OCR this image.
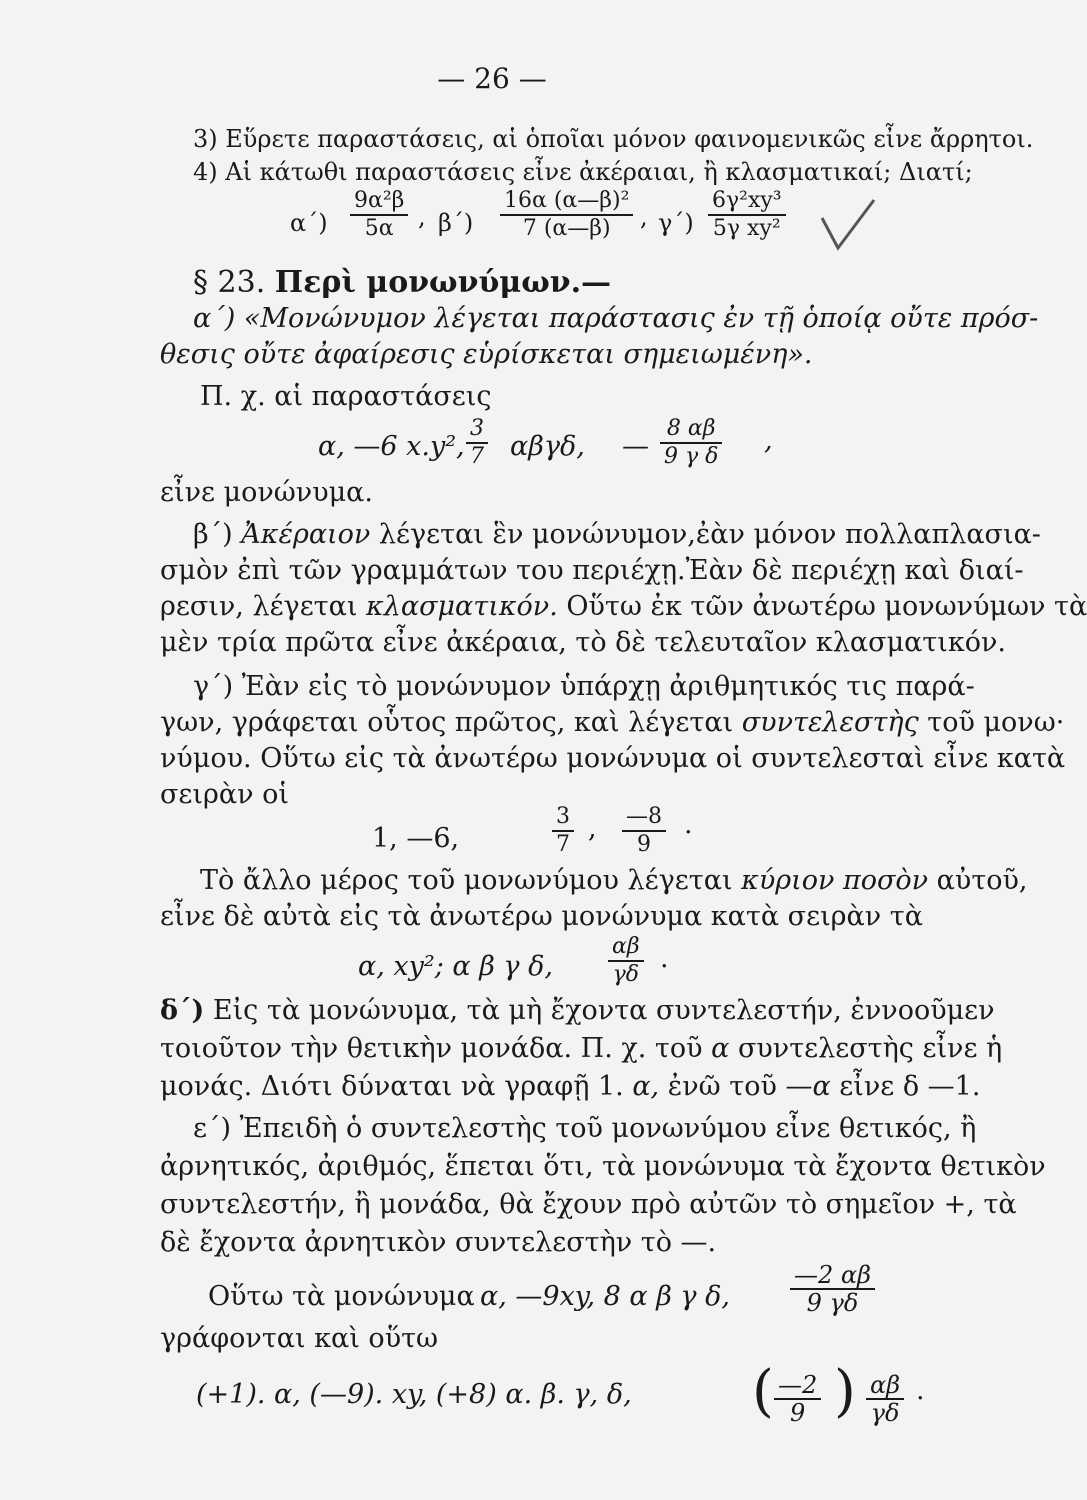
— 26 —
3) Εὕρετε παραστάσεις, αἱ ὁποῖαι μόνον φαινομενικῶς εἶνε ἄρρητοι.
4) Αἱ κάτωθι παραστάσεις εἶνε ἀκέραιαι, ἢ κλασματικαί; Διατί;
$\alpha΄) \frac{\text{9α²β}}{5\alpha}$ , $\beta΄) \frac{\text{16α (α—β)²}}{7 (\alpha—\beta)}$ , $\gamma΄) \frac{\text{6γ²xy³}}{\text{5γ xy²}}$
§ 23. Περὶ μονωνύμων.—
α΄) «Μονώνυμον λέγεται παράστασις ἐν τῇ ὁποίᾳ οὔτε πρόσ-
θεσις οὔτε ἀφαίρεσις εὑρίσκεται σημειωμένη».
Π. χ. αἱ παραστάσεις
α, —6 x.y², $\frac{3}{7} \alpha\beta\gamma\delta$, — $\frac{8 \alpha\beta}{\text{9 γ δ}}$ ,
εἶνε μονώνυμα.
β΄) Ἀκέραιον λέγεται ἓν μονώνυμον,ἐὰν μόνον πολλαπλασια-
σμὸν ἐπὶ τῶν γραμμάτων του περιέχῃ.Ἐὰν δὲ περιέχῃ καὶ διαί-
ρεσιν, λέγεται κλασματικόν. Οὕτω ἐκ τῶν ἀνωτέρω μονωνύμων τὰ
μὲν τρία πρῶτα εἶνε ἀκέραια, τὸ δὲ τελευταῖον κλασματικόν.
γ΄) Ἐὰν εἰς τὸ μονώνυμον ὑπάρχῃ ἀριθμητικός τις παρά-
γων, γράφεται οὗτος πρῶτος, καὶ λέγεται συντελεστὴς τοῦ μονω·
νύμου. Οὕτω εἰς τὰ ἀνωτέρω μονώνυμα οἱ συντελεσταὶ εἶνε κατὰ
σειρὰν οἱ
1, —6,	$\frac{3}{7}$ , $\frac{—8}{9}$ .
Τὸ ἄλλο μέρος τοῦ μονωνύμου λέγεται κύριον ποσὸν αὐτοῦ,
εἶνε δὲ αὐτὰ εἰς τὰ ἀνωτέρω μονώνυμα κατὰ σειρὰν τὰ
α, xy²; α β γ δ,	$\frac{\alpha\beta}{\gamma\delta}$ .
δ΄) Εἰς τὰ μονώνυμα, τὰ μὴ ἔχοντα συντελεστήν, ἐννοοῦμεν
τοιοῦτον τὴν θετικὴν μονάδα. Π. χ. τοῦ α συντελεστὴς εἶνε ἡ
μονάς. Διότι δύναται νὰ γραφῇ 1. α, ἐνῶ τοῦ —α εἶνε δ —1.
ε΄) Ἐπειδὴ ὁ συντελεστὴς τοῦ μονωνύμου εἶνε θετικός, ἢ
ἀρνητικός, ἀριθμός, ἕπεται ὅτι, τὰ μονώνυμα τὰ ἔχοντα θετικὸν
συντελεστήν, ἢ μονάδα, θὰ ἔχουν πρὸ αὐτῶν τὸ σημεῖον +, τὰ
δὲ ἔχοντα ἀρνητικὸν συντελεστὴν τὸ —.
Οὕτω τὰ μονώνυμα α, —9xy, 8 α β γ δ,	$\frac{—2 \alpha\beta}{9 \gamma\delta}$
γράφονται καὶ οὕτω
(+1). α, (—9). xy, (+8) α. β. γ, δ, ( $\frac{—2}{9}$ ) $\frac{\alpha\beta}{\gamma\delta}$ .
